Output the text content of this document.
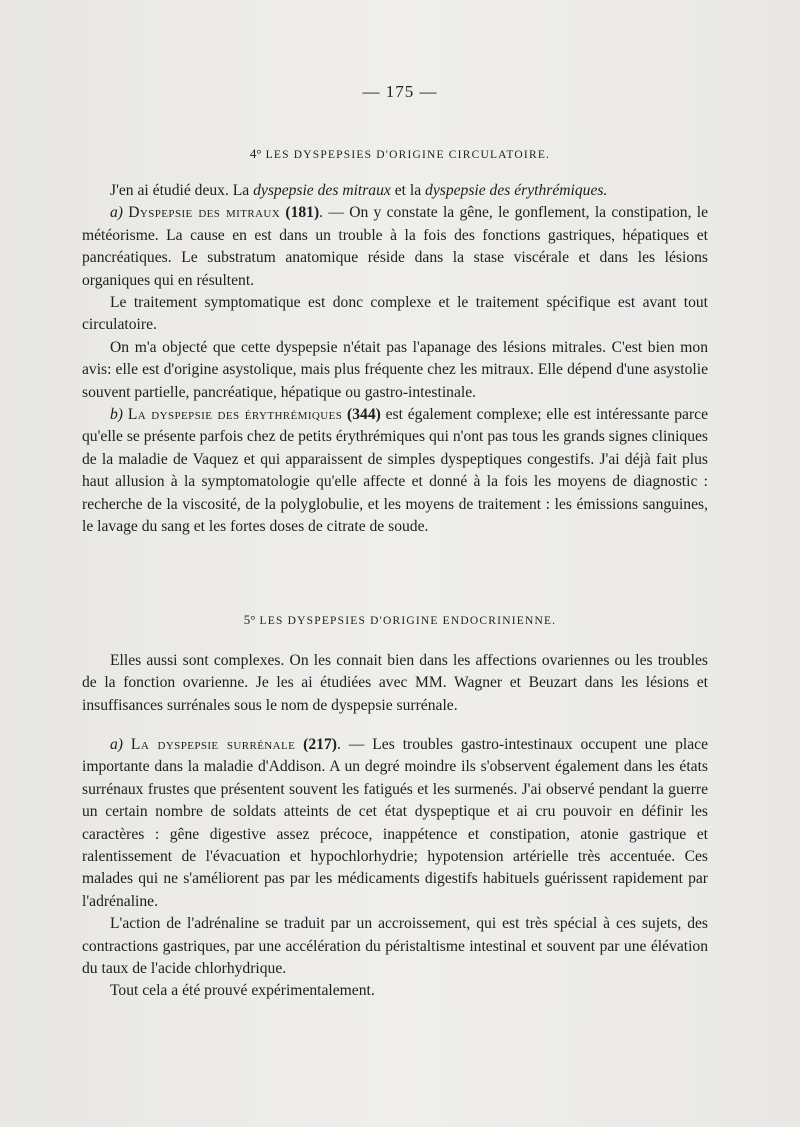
— 175 —
4° LES DYSPEPSIES D'ORIGINE CIRCULATOIRE.

J'en ai étudié deux. La dyspepsie des mitraux et la dyspepsie des érythrémiques.

a) Dyspepsie des mitraux (181). — On y constate la gêne, le gonflement, la constipation, le météorisme. La cause en est dans un trouble à la fois des fonctions gastriques, hépatiques et pancréatiques. Le substratum anatomique réside dans la stase viscérale et dans les lésions organiques qui en résultent.

Le traitement symptomatique est donc complexe et le traitement spécifique est avant tout circulatoire.

On m'a objecté que cette dyspepsie n'était pas l'apanage des lésions mitrales. C'est bien mon avis: elle est d'origine asystolique, mais plus fréquente chez les mitraux. Elle dépend d'une asystolie souvent partielle, pancréatique, hépatique ou gastro-intestinale.

b) La dyspepsie des érythrémiques (344) est également complexe; elle est intéressante parce qu'elle se présente parfois chez de petits érythrémiques qui n'ont pas tous les grands signes cliniques de la maladie de Vaquez et qui apparaissent de simples dyspeptiques congestifs. J'ai déjà fait plus haut allusion à la symptomatologie qu'elle affecte et donné à la fois les moyens de diagnostic : recherche de la viscosité, de la polyglobulie, et les moyens de traitement : les émissions sanguines, le lavage du sang et les fortes doses de citrate de soude.

5° LES DYSPEPSIES D'ORIGINE ENDOCRINIENNE.

Elles aussi sont complexes. On les connait bien dans les affections ovariennes ou les troubles de la fonction ovarienne. Je les ai étudiées avec MM. Wagner et Beuzart dans les lésions et insuffisances surrénales sous le nom de dyspepsie surrénale.

a) La dyspepsie surrénale (217). — Les troubles gastro-intestinaux occupent une place importante dans la maladie d'Addison. A un degré moindre ils s'observent également dans les états surrénaux frustes que présentent souvent les fatigués et les surmenés. J'ai observé pendant la guerre un certain nombre de soldats atteints de cet état dyspeptique et ai cru pouvoir en définir les caractères : gêne digestive assez précoce, inappétence et constipation, atonie gastrique et ralentissement de l'évacuation et hypochlorhydrie; hypotension artérielle très accentuée. Ces malades qui ne s'améliorent pas par les médicaments digestifs habituels guérissent rapidement par l'adrénaline.

L'action de l'adrénaline se traduit par un accroissement, qui est très spécial à ces sujets, des contractions gastriques, par une accélération du péristaltisme intestinal et souvent par une élévation du taux de l'acide chlorhydrique.

Tout cela a été prouvé expérimentalement.
